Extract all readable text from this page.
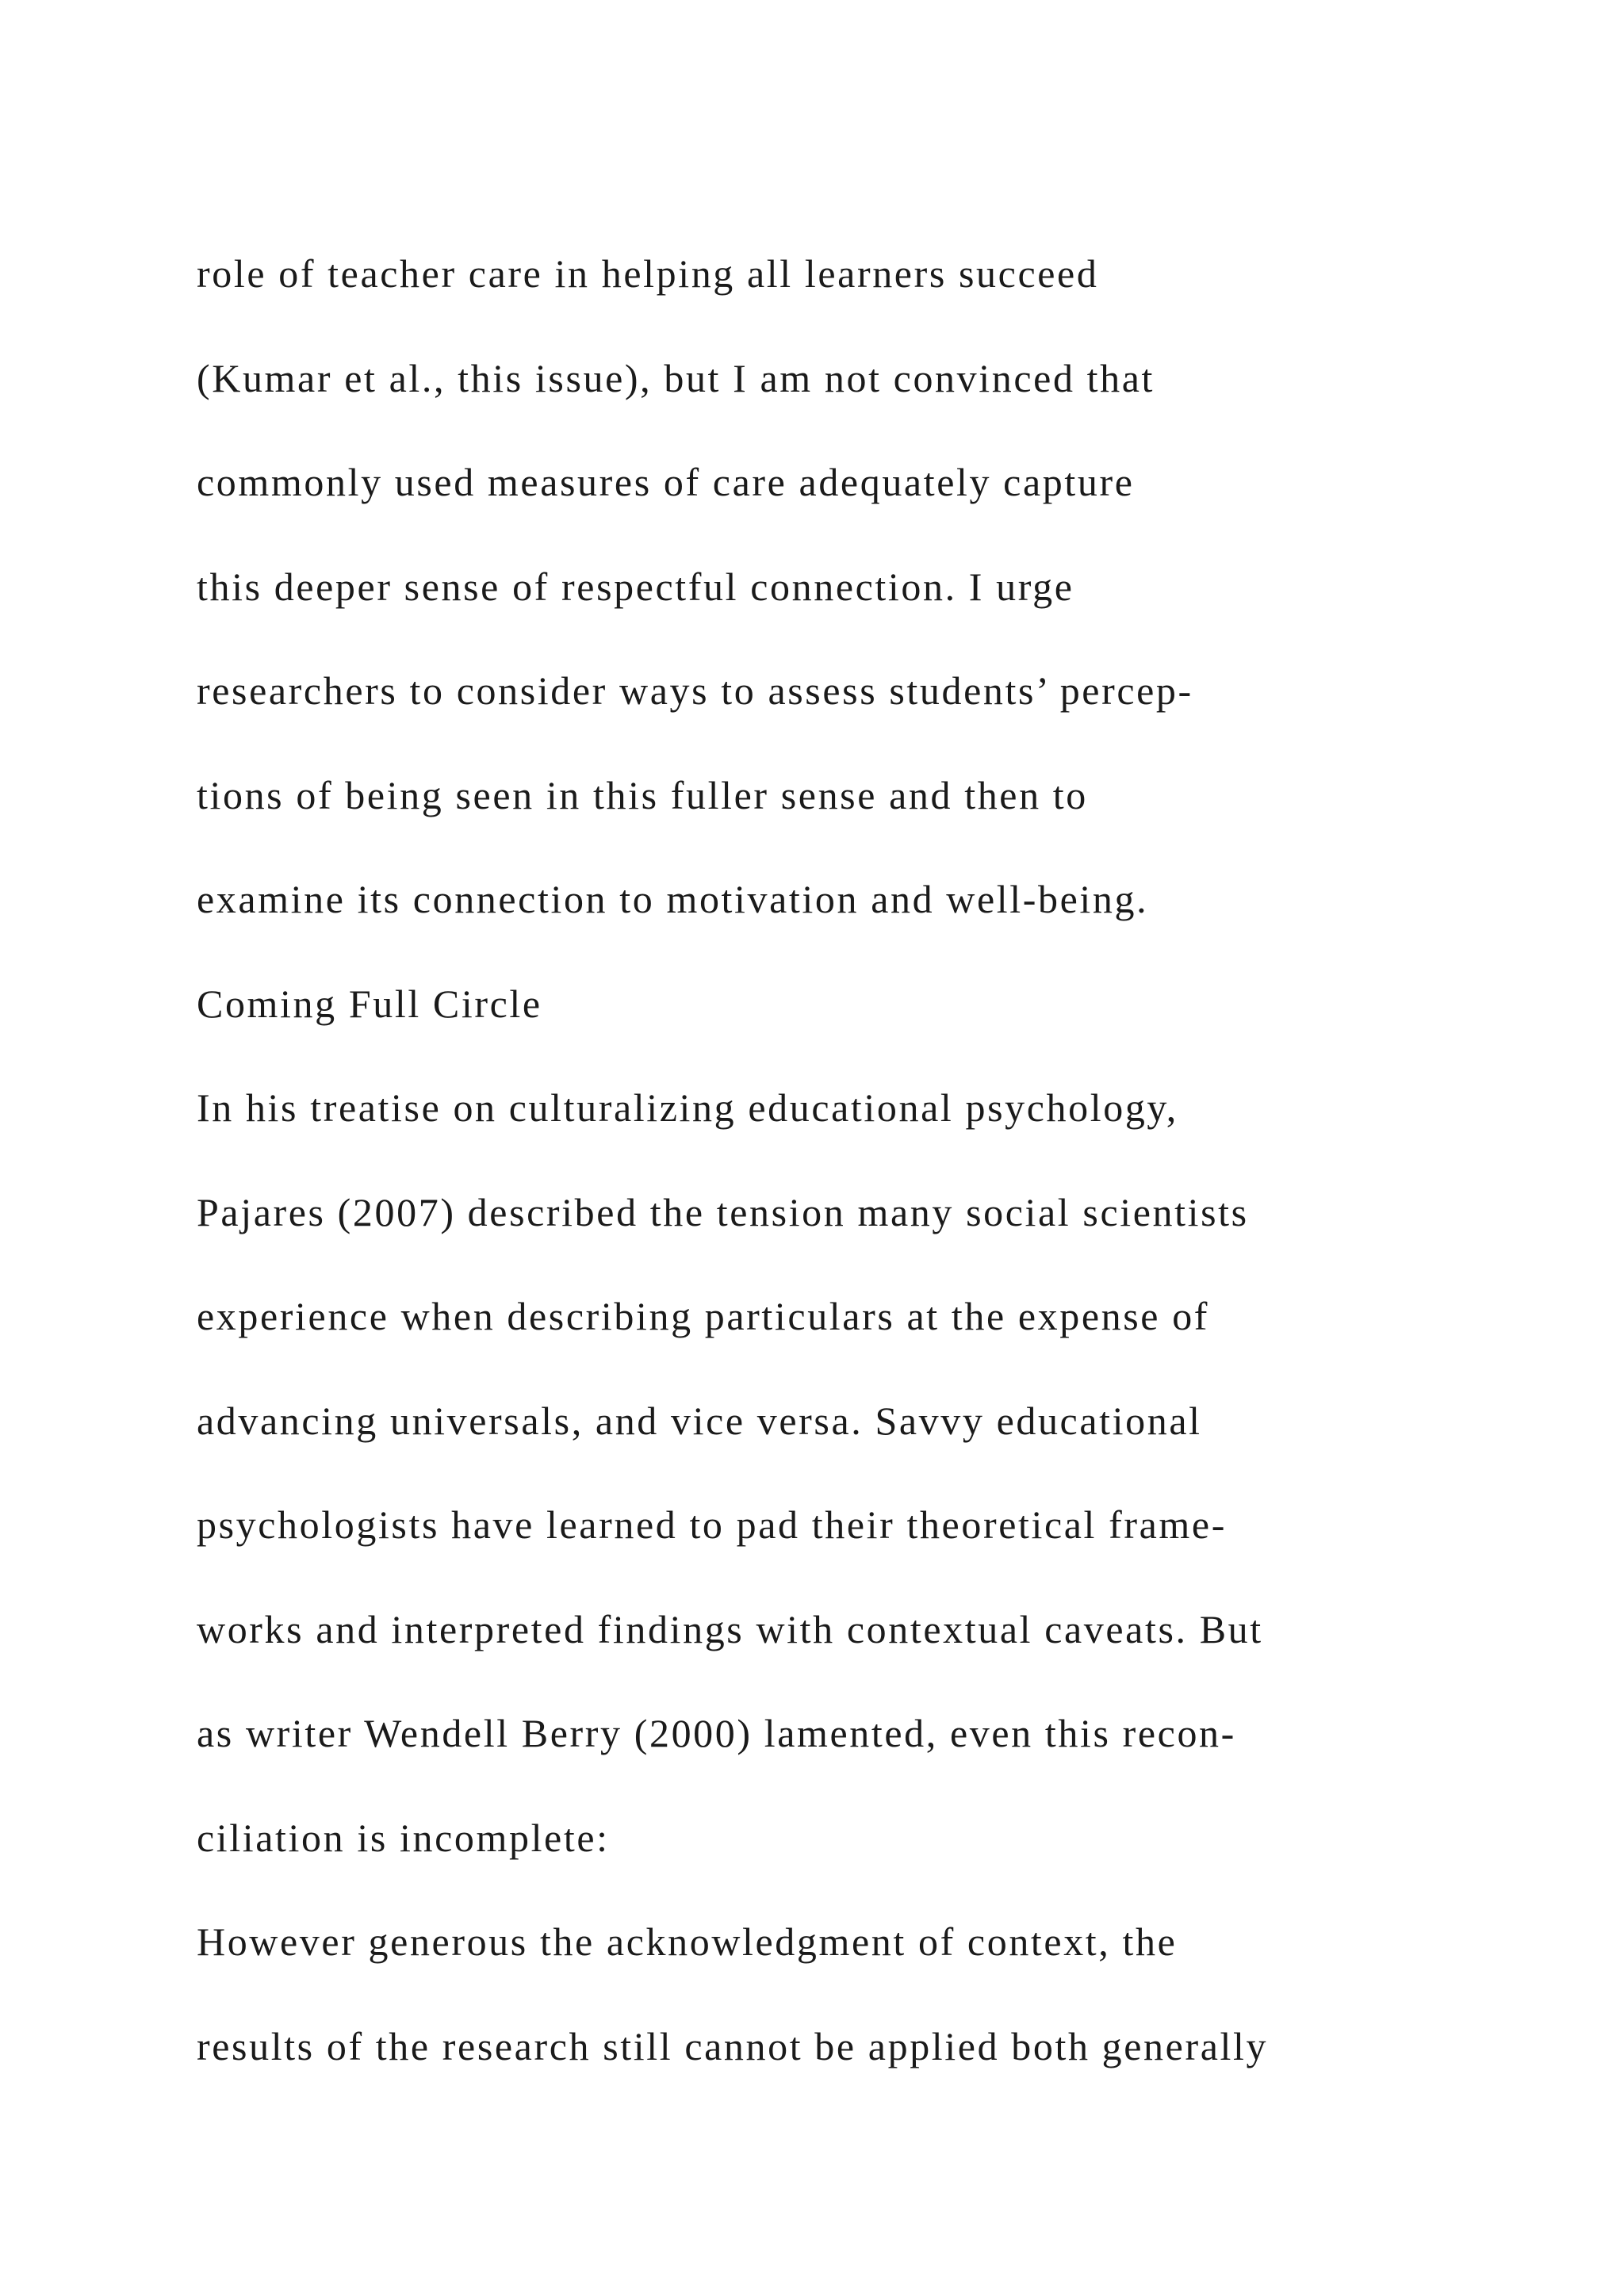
role of teacher care in helping all learners succeed
(Kumar et al., this issue), but I am not convinced that
commonly used measures of care adequately capture
this deeper sense of respectful connection. I urge
researchers to consider ways to assess students’ percep-
tions of being seen in this fuller sense and then to
examine its connection to motivation and well-being.
Coming Full Circle
In his treatise on culturalizing educational psychology,
Pajares (2007) described the tension many social scientists
experience when describing particulars at the expense of
advancing universals, and vice versa. Savvy educational
psychologists have learned to pad their theoretical frame-
works and interpreted findings with contextual caveats. But
as writer Wendell Berry (2000) lamented, even this recon-
ciliation is incomplete:
However generous the acknowledgment of context, the
results of the research still cannot be applied both generally
